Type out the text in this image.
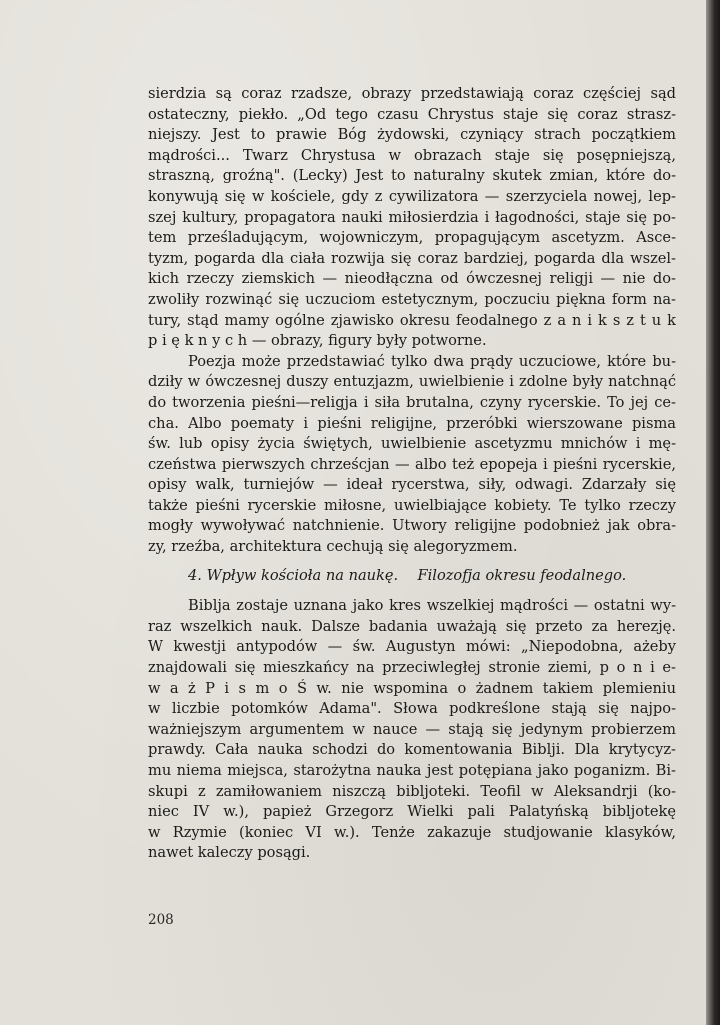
sierdzia są coraz rzadsze, obrazy przedstawiają coraz częściej sąd
ostateczny, piekło. „Od tego czasu Chrystus staje się coraz strasz-
niejszy. Jest to prawie Bóg żydowski, czyniący strach początkiem
mądrości... Twarz Chrystusa w obrazach staje się posępniejszą,
straszną, groźną". (Lecky) Jest to naturalny skutek zmian, które do-
konywują się w kościele, gdy z cywilizatora — szerzyciela nowej, lep-
szej kultury, propagatora nauki miłosierdzia i łagodności, staje się po-
tem prześladującym, wojowniczym, propagującym ascetyzm. Asce-
tyzm, pogarda dla ciała rozwija się coraz bardziej, pogarda dla wszel-
kich rzeczy ziemskich — nieodłączna od ówczesnej religji — nie do-
zwoliły rozwinąć się uczuciom estetycznym, poczuciu piękna form na-
tury, stąd mamy ogólne zjawisko okresu feodalnego z a n i k s z t u k
p i ę k n y c h — obrazy, figury były potworne.
Poezja może przedstawiać tylko dwa prądy uczuciowe, które bu-
dziły w ówczesnej duszy entuzjazm, uwielbienie i zdolne były natchnąć
do tworzenia pieśni—religja i siła brutalna, czyny rycerskie. To jej ce-
cha. Albo poematy i pieśni religijne, przeróbki wierszowane pisma
św. lub opisy życia świętych, uwielbienie ascetyzmu mnichów i mę-
czeństwa pierwszych chrześcjan — albo też epopeja i pieśni rycerskie,
opisy walk, turniejów — ideał rycerstwa, siły, odwagi. Zdarzały się
także pieśni rycerskie miłosne, uwielbiające kobiety. Te tylko rzeczy
mogły wywoływać natchnienie. Utwory religijne podobnież jak obra-
zy, rzeźba, architektura cechują się alegoryzmem.
4. Wpływ kościoła na naukę. Filozofja okresu feodalnego.
Biblja zostaje uznana jako kres wszelkiej mądrości — ostatni wy-
raz wszelkich nauk. Dalsze badania uważają się przeto za herezję.
W kwestji antypodów — św. Augustyn mówi: „Niepodobna, ażeby
znajdowali się mieszkańcy na przeciwległej stronie ziemi, p o n i e-
w a ż P i s m o Ś w. nie wspomina o żadnem takiem plemieniu
w liczbie potomków Adama". Słowa podkreślone stają się najpo-
ważniejszym argumentem w nauce — stają się jedynym probierzem
prawdy. Cała nauka schodzi do komentowania Biblji. Dla krytycyz-
mu niema miejsca, starożytna nauka jest potępiana jako poganizm. Bi-
skupi z zamiłowaniem niszczą bibljoteki. Teofil w Aleksandrji (ko-
niec IV w.), papież Grzegorz Wielki pali Palatyńską bibljotekę
w Rzymie (koniec VI w.). Tenże zakazuje studjowanie klasyków,
nawet kaleczy posągi.
208
